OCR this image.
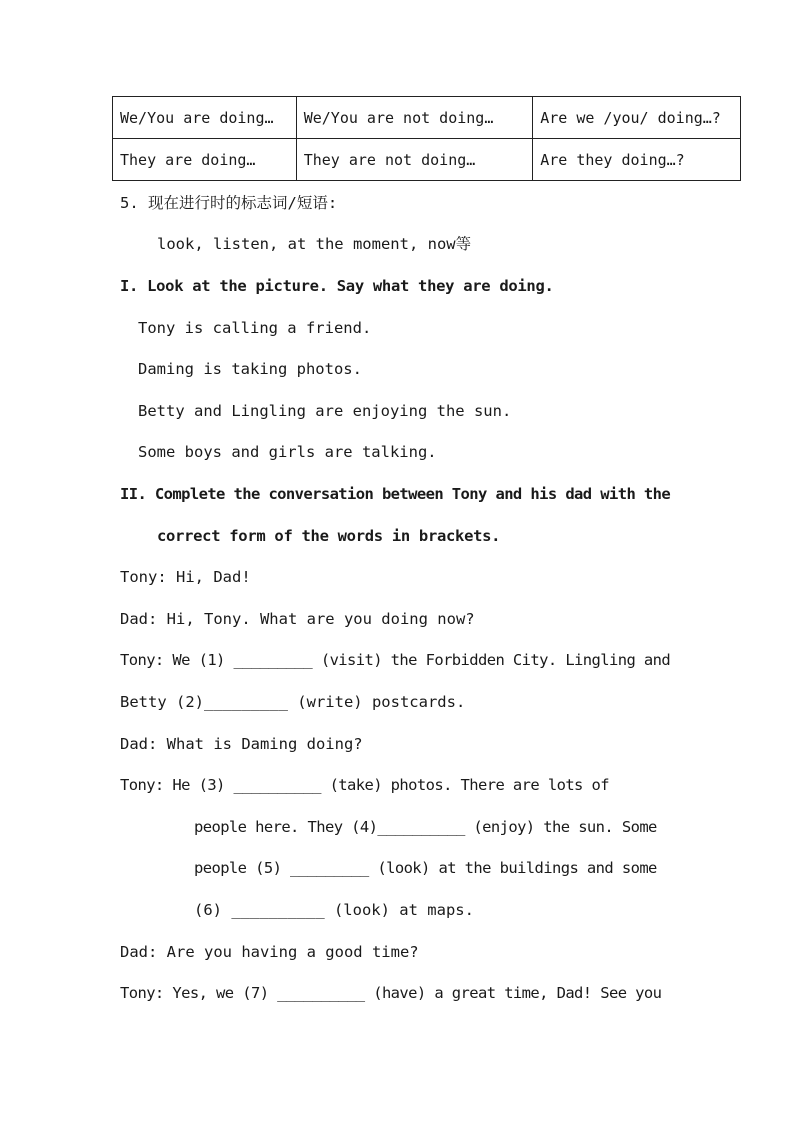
We/You are doing…	We/You are not doing…	Are we /you/ doing…?
They are doing…	They are not doing…	Are they doing…?
5. 现在进行时的标志词/短语:
look, listen, at the moment, now等
I. Look at the picture. Say what they are doing.
Tony is calling a friend.
Daming is taking photos.
Betty and Lingling are enjoying the sun.
Some boys and girls are talking.
II. Complete the conversation between Tony and his dad with the
correct form of the words in brackets.
Tony: Hi, Dad!
Dad: Hi, Tony. What are you doing now?
Tony: We (1) _________ (visit) the Forbidden City. Lingling and
Betty (2)_________ (write) postcards.
Dad: What is Daming doing?
Tony: He (3) __________ (take) photos. There are lots of
people here. They (4)__________ (enjoy) the sun. Some
people (5) _________ (look) at the buildings and some
(6) __________ (look) at maps.
Dad: Are you having a good time?
Tony: Yes, we (7) __________ (have) a great time, Dad! See you
